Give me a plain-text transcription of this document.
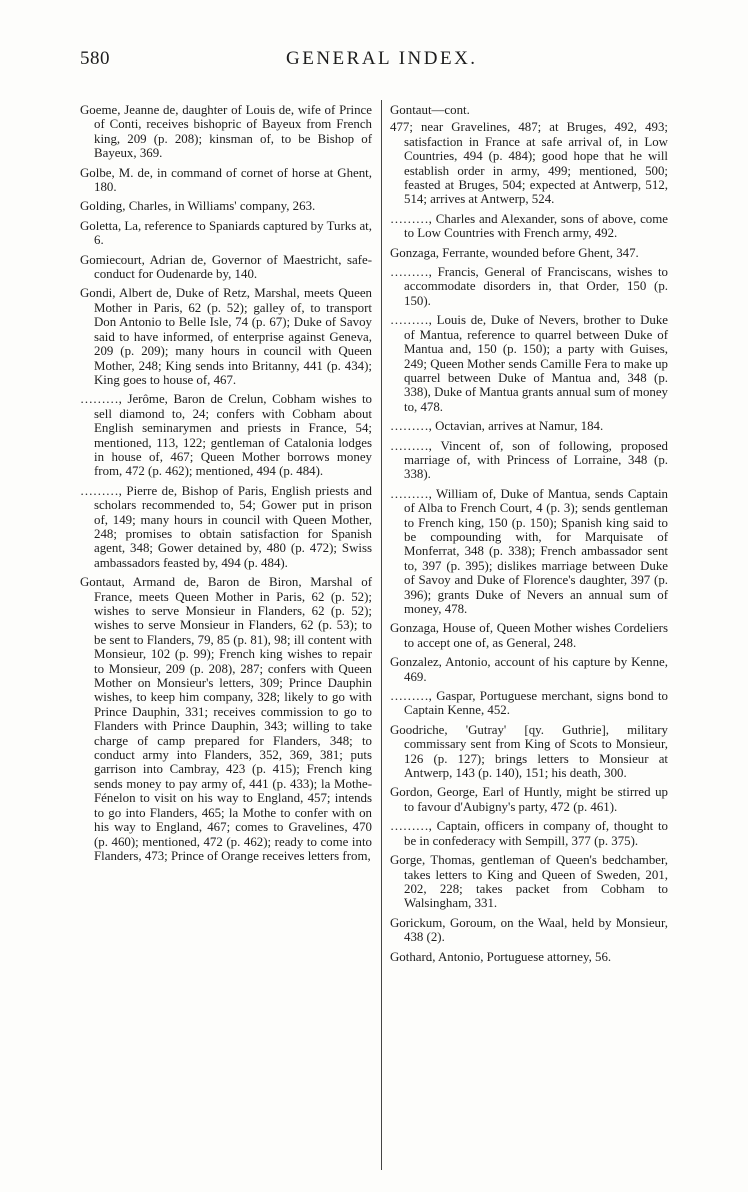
580	GENERAL INDEX.

Goeme, Jeanne de, daughter of Louis de, wife of Prince of Conti, receives bishopric of Bayeux from French king, 209 (p. 208); kinsman of, to be Bishop of Bayeux, 369.

Golbe, M. de, in command of cornet of horse at Ghent, 180.

Golding, Charles, in Williams' company, 263.

Goletta, La, reference to Spaniards captured by Turks at, 6.

Gomiecourt, Adrian de, Governor of Maestricht, safe-conduct for Oudenarde by, 140.

Gondi, Albert de, Duke of Retz, Marshal, meets Queen Mother in Paris, 62 (p. 52); galley of, to transport Don Antonio to Belle Isle, 74 (p. 67); Duke of Savoy said to have informed, of enterprise against Geneva, 209 (p. 209); many hours in council with Queen Mother, 248; King sends into Britanny, 441 (p. 434); King goes to house of, 467.

………, Jerôme, Baron de Crelun, Cobham wishes to sell diamond to, 24; confers with Cobham about English seminarymen and priests in France, 54; mentioned, 113, 122; gentleman of Catalonia lodges in house of, 467; Queen Mother borrows money from, 472 (p. 462); mentioned, 494 (p. 484).

………, Pierre de, Bishop of Paris, English priests and scholars recommended to, 54; Gower put in prison of, 149; many hours in council with Queen Mother, 248; promises to obtain satisfaction for Spanish agent, 348; Gower detained by, 480 (p. 472); Swiss ambassadors feasted by, 494 (p. 484).

Gontaut, Armand de, Baron de Biron, Marshal of France, meets Queen Mother in Paris, 62 (p. 52); wishes to serve Monsieur in Flanders, 62 (p. 52); wishes to serve Monsieur in Flanders, 62 (p. 53); to be sent to Flanders, 79, 85 (p. 81), 98; ill content with Monsieur, 102 (p. 99); French king wishes to repair to Monsieur, 209 (p. 208), 287; confers with Queen Mother on Monsieur's letters, 309; Prince Dauphin wishes, to keep him company, 328; likely to go with Prince Dauphin, 331; receives commission to go to Flanders with Prince Dauphin, 343; willing to take charge of camp prepared for Flanders, 348; to conduct army into Flanders, 352, 369, 381; puts garrison into Cambray, 423 (p. 415); French king sends money to pay army of, 441 (p. 433); la Mothe-Fénelon to visit on his way to England, 457; intends to go into Flanders, 465; la Mothe to confer with on his way to England, 467; comes to Gravelines, 470 (p. 460); mentioned, 472 (p. 462); ready to come into Flanders, 473; Prince of Orange receives letters from,

Gontaut—cont.

477; near Gravelines, 487; at Bruges, 492, 493; satisfaction in France at safe arrival of, in Low Countries, 494 (p. 484); good hope that he will establish order in army, 499; mentioned, 500; feasted at Bruges, 504; expected at Antwerp, 512, 514; arrives at Antwerp, 524.

………, Charles and Alexander, sons of above, come to Low Countries with French army, 492.

Gonzaga, Ferrante, wounded before Ghent, 347.

………, Francis, General of Franciscans, wishes to accommodate disorders in, that Order, 150 (p. 150).

………, Louis de, Duke of Nevers, brother to Duke of Mantua, reference to quarrel between Duke of Mantua and, 150 (p. 150); a party with Guises, 249; Queen Mother sends Camille Fera to make up quarrel between Duke of Mantua and, 348 (p. 338), Duke of Mantua grants annual sum of money to, 478.

………, Octavian, arrives at Namur, 184.

………, Vincent of, son of following, proposed marriage of, with Princess of Lorraine, 348 (p. 338).

………, William of, Duke of Mantua, sends Captain of Alba to French Court, 4 (p. 3); sends gentleman to French king, 150 (p. 150); Spanish king said to be compounding with, for Marquisate of Monferrat, 348 (p. 338); French ambassador sent to, 397 (p. 395); dislikes marriage between Duke of Savoy and Duke of Florence's daughter, 397 (p. 396); grants Duke of Nevers an annual sum of money, 478.

Gonzaga, House of, Queen Mother wishes Cordeliers to accept one of, as General, 248.

Gonzalez, Antonio, account of his capture by Kenne, 469.

………, Gaspar, Portuguese merchant, signs bond to Captain Kenne, 452.

Goodriche, 'Gutray' [qy. Guthrie], military commissary sent from King of Scots to Monsieur, 126 (p. 127); brings letters to Monsieur at Antwerp, 143 (p. 140), 151; his death, 300.

Gordon, George, Earl of Huntly, might be stirred up to favour d'Aubigny's party, 472 (p. 461).

………, Captain, officers in company of, thought to be in confederacy with Sempill, 377 (p. 375).

Gorge, Thomas, gentleman of Queen's bedchamber, takes letters to King and Queen of Sweden, 201, 202, 228; takes packet from Cobham to Walsingham, 331.

Gorickum, Goroum, on the Waal, held by Monsieur, 438 (2).

Gothard, Antonio, Portuguese attorney, 56.
